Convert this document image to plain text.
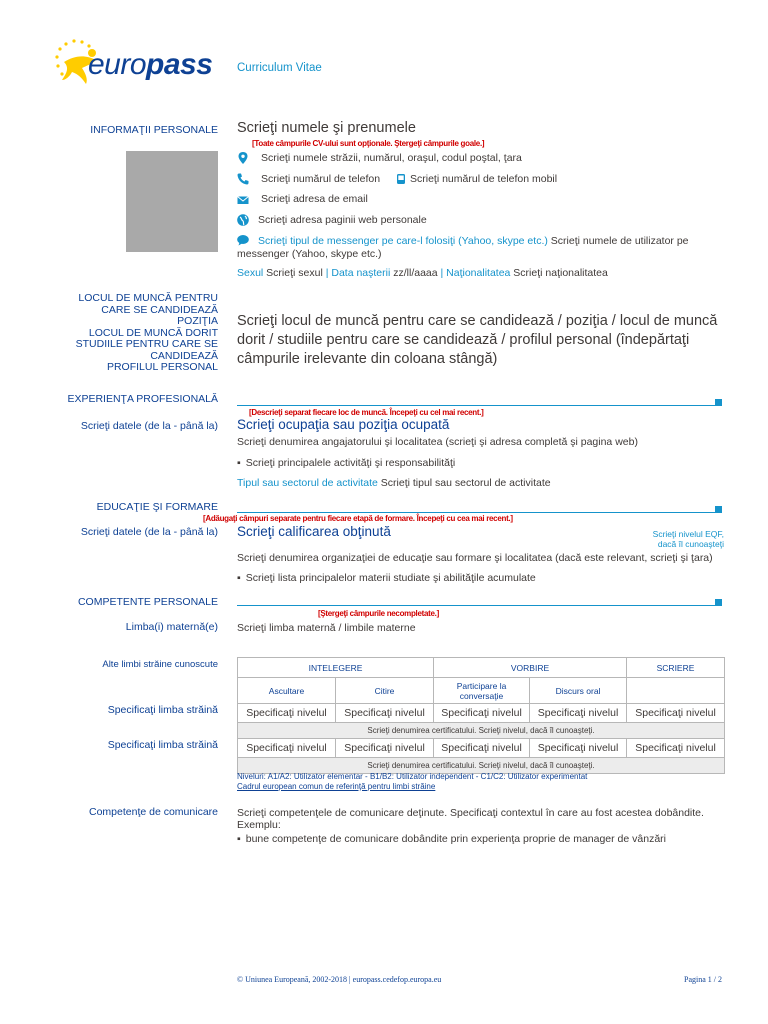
europass Curriculum Vitae
INFORMAŢII PERSONALE Scrieţi numele şi prenumele
[Toate câmpurile CV-ului sunt opţionale. Ştergeţi câmpurile goale.]
Scrieţi numele străzii, numărul, oraşul, codul poştal, ţara
Scrieţi numărul de telefon	Scrieţi numărul de telefon mobil
Scrieţi adresa de email
Scrieţi adresa paginii web personale
Scrieţi tipul de messenger pe care-l folosiţi (Yahoo, skype etc.) Scrieţi numele de utilizator pe messenger (Yahoo, skype etc.)
Sexul Scrieţi sexul | Data naşterii zz/ll/aaaa | Naţionalitatea Scrieţi naţionalitatea
LOCUL DE MUNCĂ PENTRU
CARE SE CANDIDEAZĂ
POZIŢIA
LOCUL DE MUNCĂ DORIT
STUDIILE PENTRU CARE SE
CANDIDEAZĂ
PROFILUL PERSONAL
Scrieţi locul de muncă pentru care se candidează / poziţia / locul de muncă dorit / studiile pentru care se candidează / profilul personal (îndepărtaţi câmpurile irelevante din coloana stângă)
EXPERIENŢA PROFESIONALĂ
[Descrieţi separat fiecare loc de muncă. Începeţi cu cel mai recent.]
Scrieţi datele (de la - până la) Scrieţi ocupaţia sau poziţia ocupată
Scrieţi denumirea angajatorului şi localitatea (scrieţi şi adresa completă şi pagina web)
▪ Scrieţi principalele activităţi şi responsabilităţi
Tipul sau sectorul de activitate Scrieţi tipul sau sectorul de activitate
EDUCAŢIE ŞI FORMARE
[Adăugaţi câmpuri separate pentru fiecare etapă de formare. Începeţi cu cea mai recent.]
Scrieţi datele (de la - până la) Scrieţi calificarea obţinută	Scrieţi nivelul EQF,
dacă îl cunoaşteţi
Scrieţi denumirea organizaţiei de educaţie sau formare şi localitatea (dacă este relevant, scrieţi şi ţara)
▪ Scrieţi lista principalelor materii studiate şi abilităţile acumulate
COMPETENTE PERSONALE
[Ştergeţi câmpurile necompletate.]
Limba(i) maternă(e) Scrieţi limba maternă / limbile materne
Alte limbi străine cunoscute	INTELEGERE		VORBIRE		SCRIERE
Ascultare	Citire	Participare la conversaţie	Discurs oral	
Specificaţi nivelul	Specificaţi nivelul	Specificaţi nivelul	Specificaţi nivelul	Specificaţi nivelul
Scrieţi denumirea certificatului. Scrieţi nivelul, dacă îl cunoaşteţi.				
Specificaţi nivelul	Specificaţi nivelul	Specificaţi nivelul	Specificaţi nivelul	Specificaţi nivelul
Scrieţi denumirea certificatului. Scrieţi nivelul, dacă îl cunoaşteţi.				
Specificaţi limba străină
Specificaţi limba străină
Niveluri: A1/A2: Utilizator elementar - B1/B2: Utilizator independent - C1/C2: Utilizator experimentat
Cadrul european comun de referinţă pentru limbi străine
Competenţe de comunicare Scrieţi competenţele de comunicare deţinute. Specificaţi contextul în care au fost acestea dobândite. Exemplu:
▪ bune competenţe de comunicare dobândite prin experienţa proprie de manager de vânzări
© Uniunea Europeană, 2002-2018 | europass.cedefop.europa.eu	Pagina 1 / 2
